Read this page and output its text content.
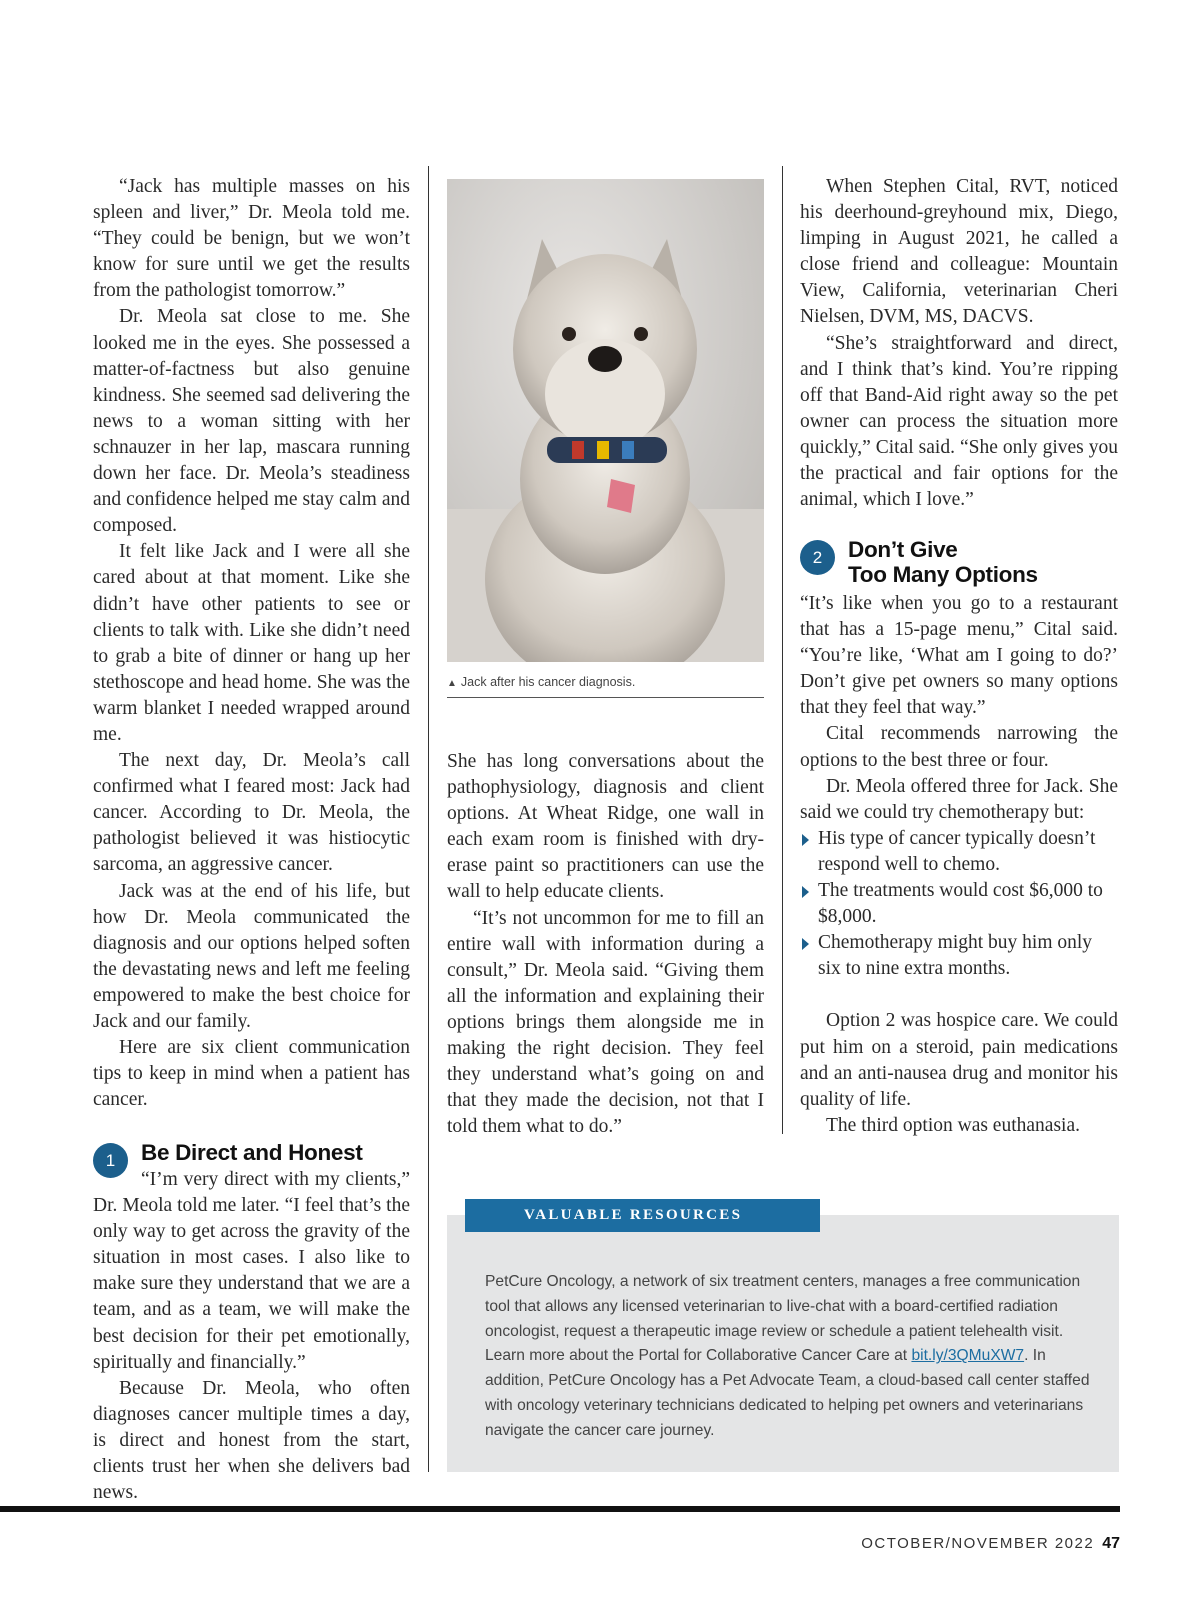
“Jack has multiple masses on his spleen and liver,” Dr. Meola told me. “They could be benign, but we won’t know for sure until we get the results from the pathologist tomorrow.”

Dr. Meola sat close to me. She looked me in the eyes. She possessed a matter-of-factness but also genuine kindness. She seemed sad delivering the news to a woman sitting with her schnauzer in her lap, mascara running down her face. Dr. Meola’s steadiness and confidence helped me stay calm and composed.

It felt like Jack and I were all she cared about at that moment. Like she didn’t have other patients to see or clients to talk with. Like she didn’t need to grab a bite of dinner or hang up her stethoscope and head home. She was the warm blanket I needed wrapped around me.

The next day, Dr. Meola’s call confirmed what I feared most: Jack had cancer. According to Dr. Meola, the pathologist believed it was histiocytic sarcoma, an aggressive cancer.

Jack was at the end of his life, but how Dr. Meola communicated the diagnosis and our options helped soften the devastating news and left me feeling empowered to make the best choice for Jack and our family.

Here are six client communication tips to keep in mind when a patient has cancer.

1	Be Direct and Honest

“I’m very direct with my clients,” Dr. Meola told me later. “I feel that’s the only way to get across the gravity of the situation in most cases. I also like to make sure they understand that we are a team, and as a team, we will make the best decision for their pet emotionally, spiritually and financially.”

Because Dr. Meola, who often diagnoses cancer multiple times a day, is direct and honest from the start, clients trust her when she delivers bad news.

▲ Jack after his cancer diagnosis.

She has long conversations about the pathophysiology, diagnosis and client options. At Wheat Ridge, one wall in each exam room is finished with dry-erase paint so practitioners can use the wall to help educate clients.

“It’s not uncommon for me to fill an entire wall with information during a consult,” Dr. Meola said. “Giving them all the information and explaining their options brings them alongside me in making the right decision. They feel they understand what’s going on and that they made the decision, not that I told them what to do.”

When Stephen Cital, RVT, noticed his deerhound-greyhound mix, Diego, limping in August 2021, he called a close friend and colleague: Mountain View, California, veterinarian Cheri Nielsen, DVM, MS, DACVS.

“She’s straightforward and direct, and I think that’s kind. You’re ripping off that Band-Aid right away so the pet owner can process the situation more quickly,” Cital said. “She only gives you the practical and fair options for the animal, which I love.”

2	Don’t Give
Too Many Options

“It’s like when you go to a restaurant that has a 15-page menu,” Cital said. “You’re like, ‘What am I going to do?’ Don’t give pet owners so many options that they feel that way.”

Cital recommends narrowing the options to the best three or four.

Dr. Meola offered three for Jack. She said we could try chemotherapy but:

His type of cancer typically doesn’t respond well to chemo.

The treatments would cost $6,000 to $8,000.

Chemotherapy might buy him only six to nine extra months.

Option 2 was hospice care. We could put him on a steroid, pain medications and an anti-nausea drug and monitor his quality of life.

The third option was euthanasia.

VALUABLE RESOURCES
PetCure Oncology, a network of six treatment centers, manages a free communication tool that allows any licensed veterinarian to live-chat with a board-certified radiation oncologist, request a therapeutic image review or schedule a patient telehealth visit. Learn more about the Portal for Collaborative Cancer Care at bit.ly/3QMuXW7. In addition, PetCure Oncology has a Pet Advocate Team, a cloud-based call center staffed with oncology veterinary technicians dedicated to helping pet owners and veterinarians navigate the cancer care journey.
OCTOBER/NOVEMBER 2022 47
